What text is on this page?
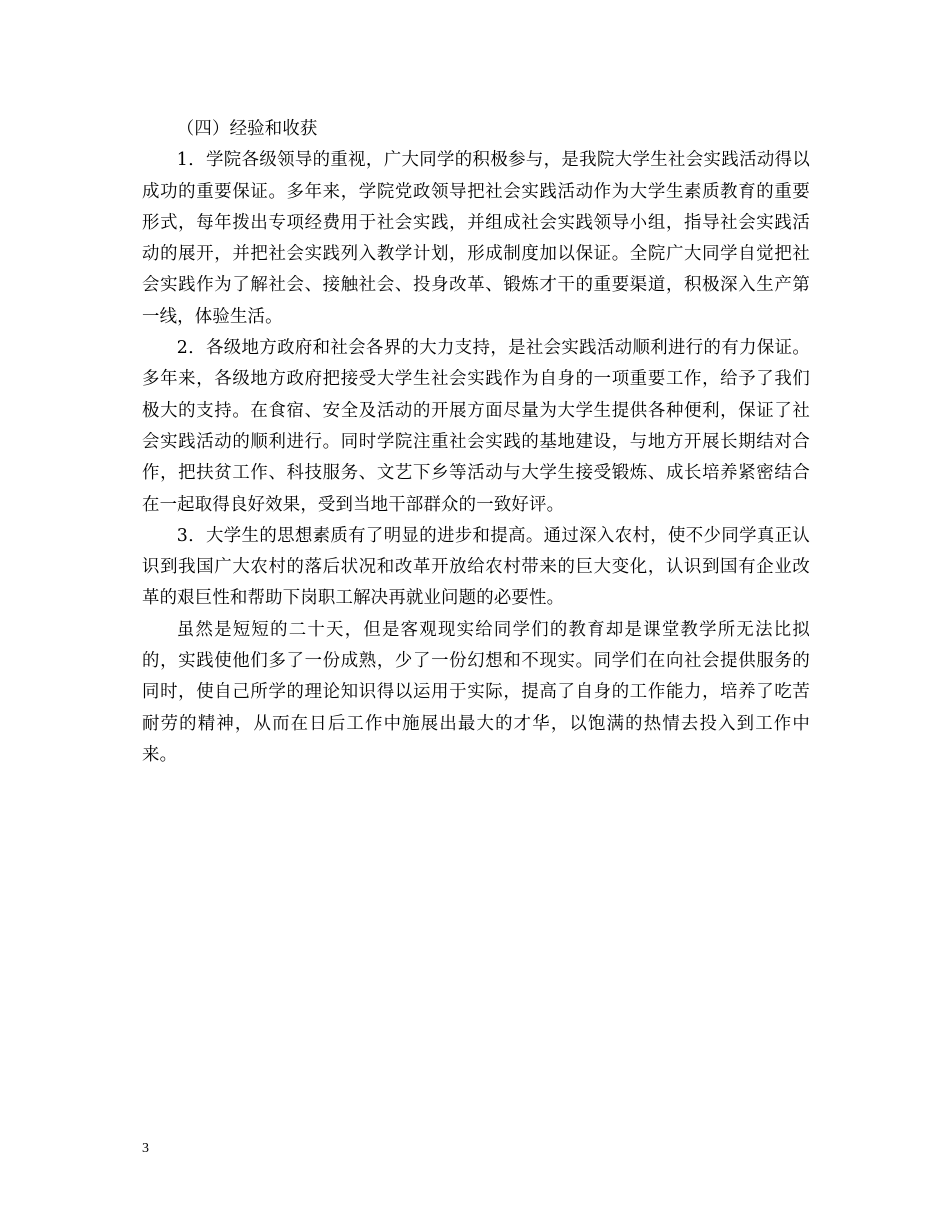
（四）经验和收获

1．学院各级领导的重视，广大同学的积极参与，是我院大学生社会实践活动得以成功的重要保证。多年来，学院党政领导把社会实践活动作为大学生素质教育的重要形式，每年拨出专项经费用于社会实践，并组成社会实践领导小组，指导社会实践活动的展开，并把社会实践列入教学计划，形成制度加以保证。全院广大同学自觉把社会实践作为了解社会、接触社会、投身改革、锻炼才干的重要渠道，积极深入生产第一线，体验生活。

2．各级地方政府和社会各界的大力支持，是社会实践活动顺利进行的有力保证。多年来，各级地方政府把接受大学生社会实践作为自身的一项重要工作，给予了我们极大的支持。在食宿、安全及活动的开展方面尽量为大学生提供各种便利，保证了社会实践活动的顺利进行。同时学院注重社会实践的基地建设，与地方开展长期结对合作，把扶贫工作、科技服务、文艺下乡等活动与大学生接受锻炼、成长培养紧密结合在一起取得良好效果，受到当地干部群众的一致好评。

3．大学生的思想素质有了明显的进步和提高。通过深入农村，使不少同学真正认识到我国广大农村的落后状况和改革开放给农村带来的巨大变化，认识到国有企业改革的艰巨性和帮助下岗职工解决再就业问题的必要性。

虽然是短短的二十天，但是客观现实给同学们的教育却是课堂教学所无法比拟的，实践使他们多了一份成熟，少了一份幻想和不现实。同学们在向社会提供服务的同时，使自己所学的理论知识得以运用于实际，提高了自身的工作能力，培养了吃苦耐劳的精神，从而在日后工作中施展出最大的才华，以饱满的热情去投入到工作中来。

3
